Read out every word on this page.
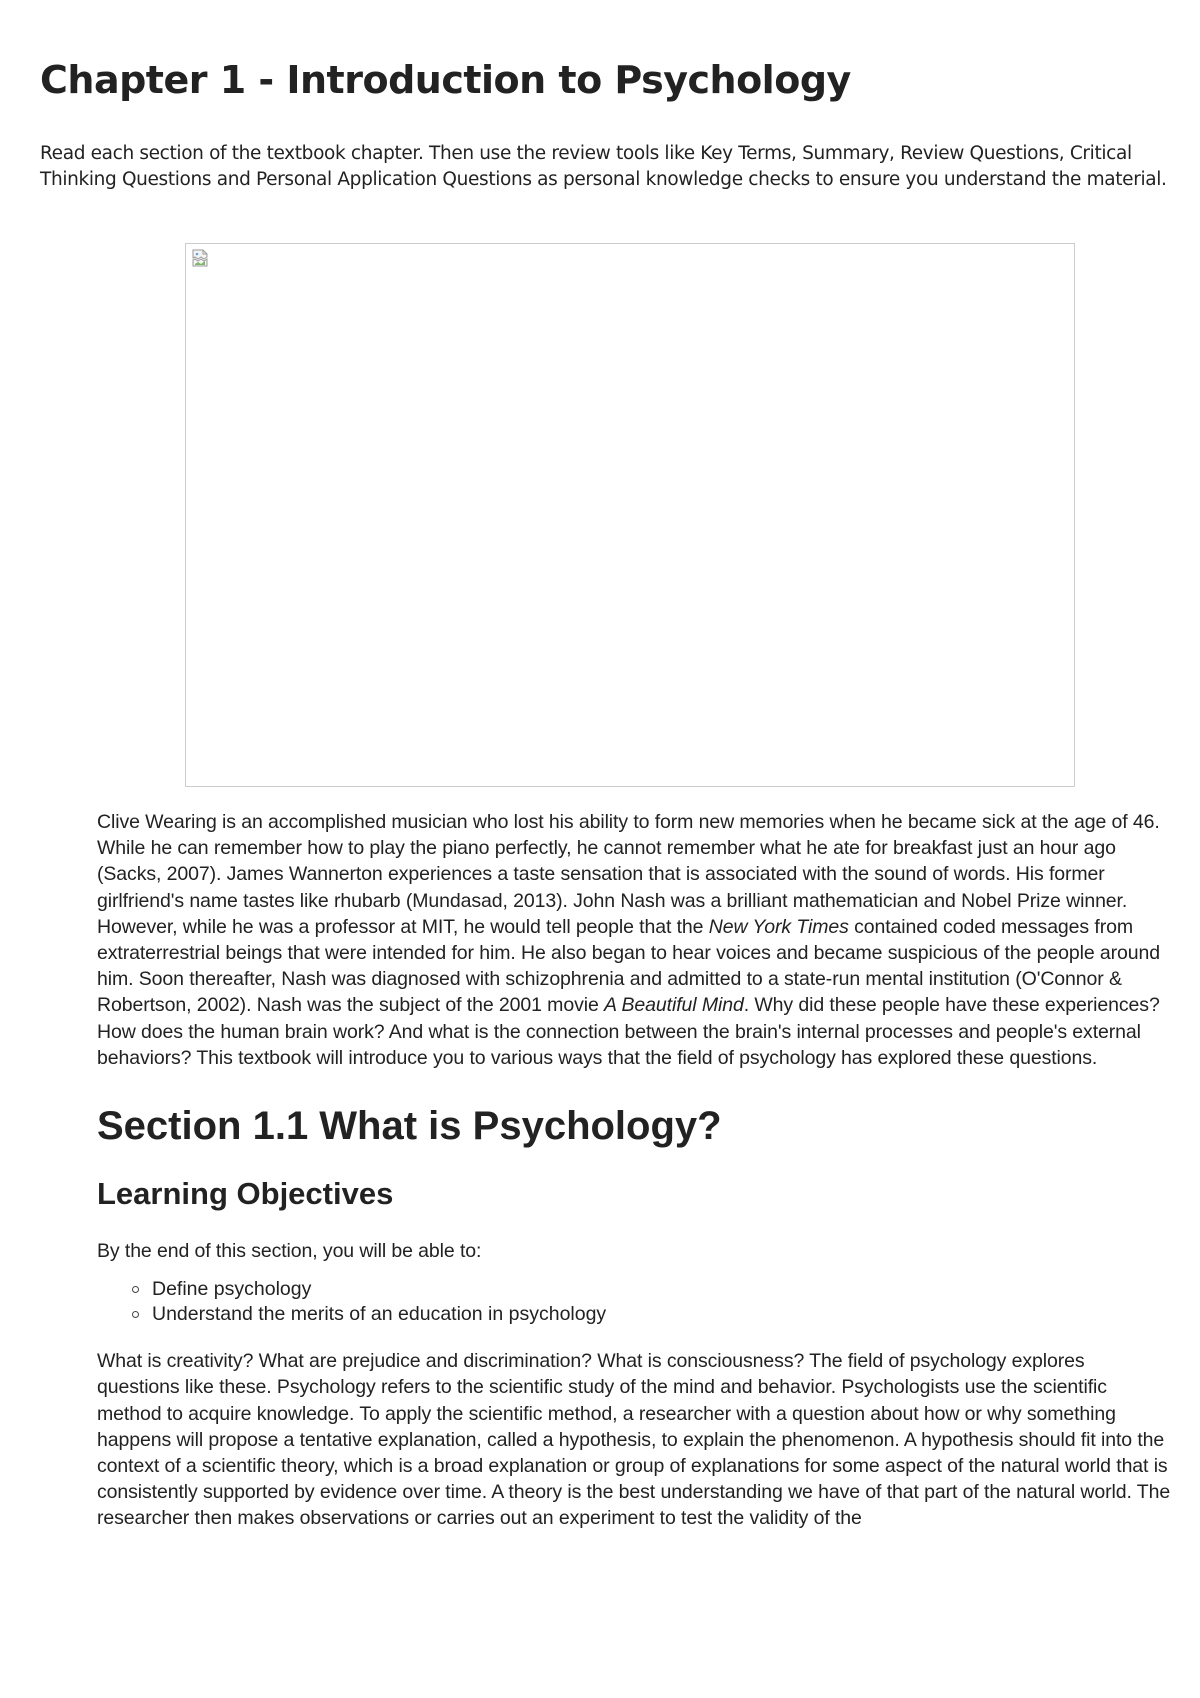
Chapter 1 - Introduction to Psychology

Read each section of the textbook chapter. Then use the review tools like Key Terms, Summary, Review Questions, Critical Thinking Questions and Personal Application Questions as personal knowledge checks to ensure you understand the material.

Clive Wearing is an accomplished musician who lost his ability to form new memories when he became sick at the age of 46. While he can remember how to play the piano perfectly, he cannot remember what he ate for breakfast just an hour ago (Sacks, 2007). James Wannerton experiences a taste sensation that is associated with the sound of words. His former girlfriend's name tastes like rhubarb (Mundasad, 2013). John Nash was a brilliant mathematician and Nobel Prize winner. However, while he was a professor at MIT, he would tell people that the New York Times contained coded messages from extraterrestrial beings that were intended for him. He also began to hear voices and became suspicious of the people around him. Soon thereafter, Nash was diagnosed with schizophrenia and admitted to a state-run mental institution (O'Connor & Robertson, 2002). Nash was the subject of the 2001 movie A Beautiful Mind. Why did these people have these experiences? How does the human brain work? And what is the connection between the brain's internal processes and people's external behaviors? This textbook will introduce you to various ways that the field of psychology has explored these questions.

Section 1.1 What is Psychology?
Learning Objectives

By the end of this section, you will be able to:

Define psychology
Understand the merits of an education in psychology

What is creativity? What are prejudice and discrimination? What is consciousness? The field of psychology explores questions like these. Psychology refers to the scientific study of the mind and behavior. Psychologists use the scientific method to acquire knowledge. To apply the scientific method, a researcher with a question about how or why something happens will propose a tentative explanation, called a hypothesis, to explain the phenomenon. A hypothesis should fit into the context of a scientific theory, which is a broad explanation or group of explanations for some aspect of the natural world that is consistently supported by evidence over time. A theory is the best understanding we have of that part of the natural world. The researcher then makes observations or carries out an experiment to test the validity of the
